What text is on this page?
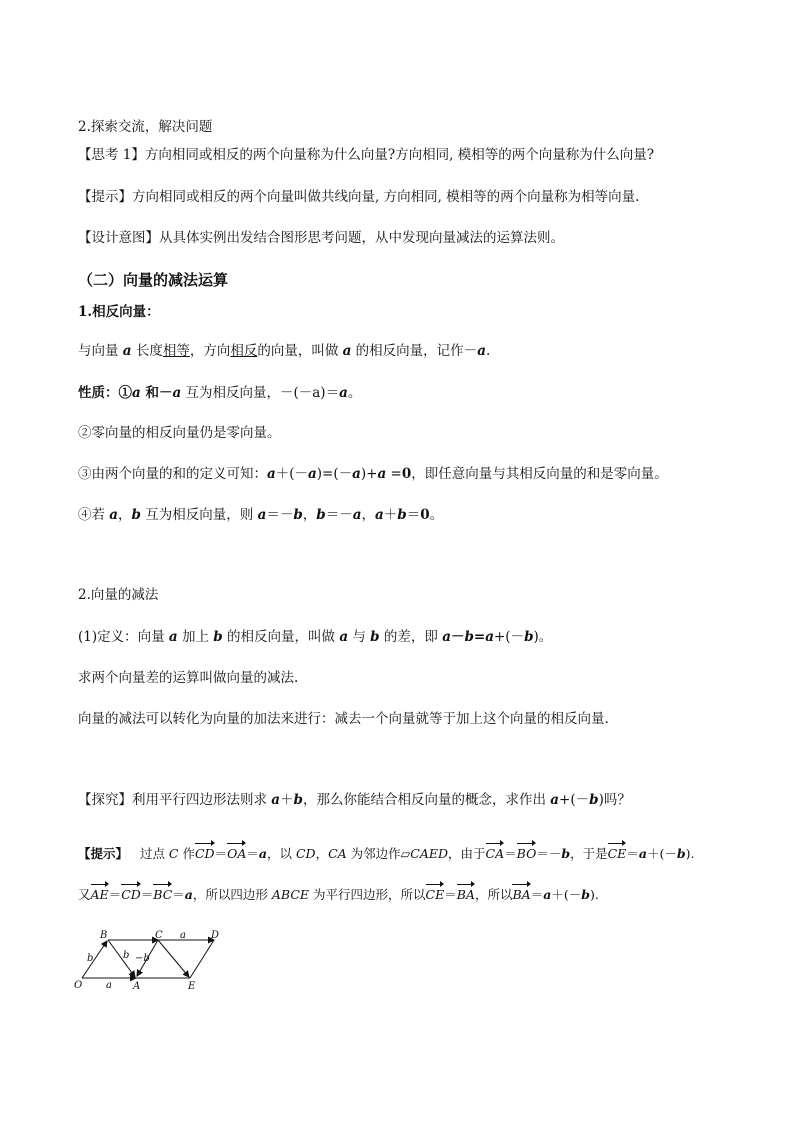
2.探索交流，解决问题
【思考 1】方向相同或相反的两个向量称为什么向量?方向相同, 模相等的两个向量称为什么向量?
【提示】方向相同或相反的两个向量叫做共线向量, 方向相同, 模相等的两个向量称为相等向量.
【设计意图】从具体实例出发结合图形思考问题，从中发现向量减法的运算法则。
（二）向量的减法运算
1.相反向量：
与向量 a 长度相等，方向相反的向量，叫做 a 的相反向量，记作－a.
性质：①a 和－a 互为相反向量，－(－a)＝a。
②零向量的相反向量仍是零向量。
③由两个向量的和的定义可知：a＋(－a)=(－a)+a =0，即任意向量与其相反向量的和是零向量。
④若 a，b 互为相反向量，则 a＝－b，b＝－a，a＋b＝0。
2.向量的减法
(1)定义：向量 a 加上 b 的相反向量，叫做 a 与 b 的差，即 a－b=a+(－b)。
求两个向量差的运算叫做向量的减法.
向量的减法可以转化为向量的加法来进行：减去一个向量就等于加上这个向量的相反向量.
【探究】利用平行四边形法则求 a＋b，那么你能结合相反向量的概念，求作出 a+(－b)吗？
【提示】 过点 C 作CD＝OA＝a，以 CD，CA 为邻边作▱CAED，由于CA＝BO＝－b，于是CE＝a＋(－b).
又AE＝CD＝BC＝a，所以四边形 ABCE 为平行四边形，所以CE＝BA，所以BA＝a＋(－b).
B	C	D
O	A	E
a
a
b	b −b
